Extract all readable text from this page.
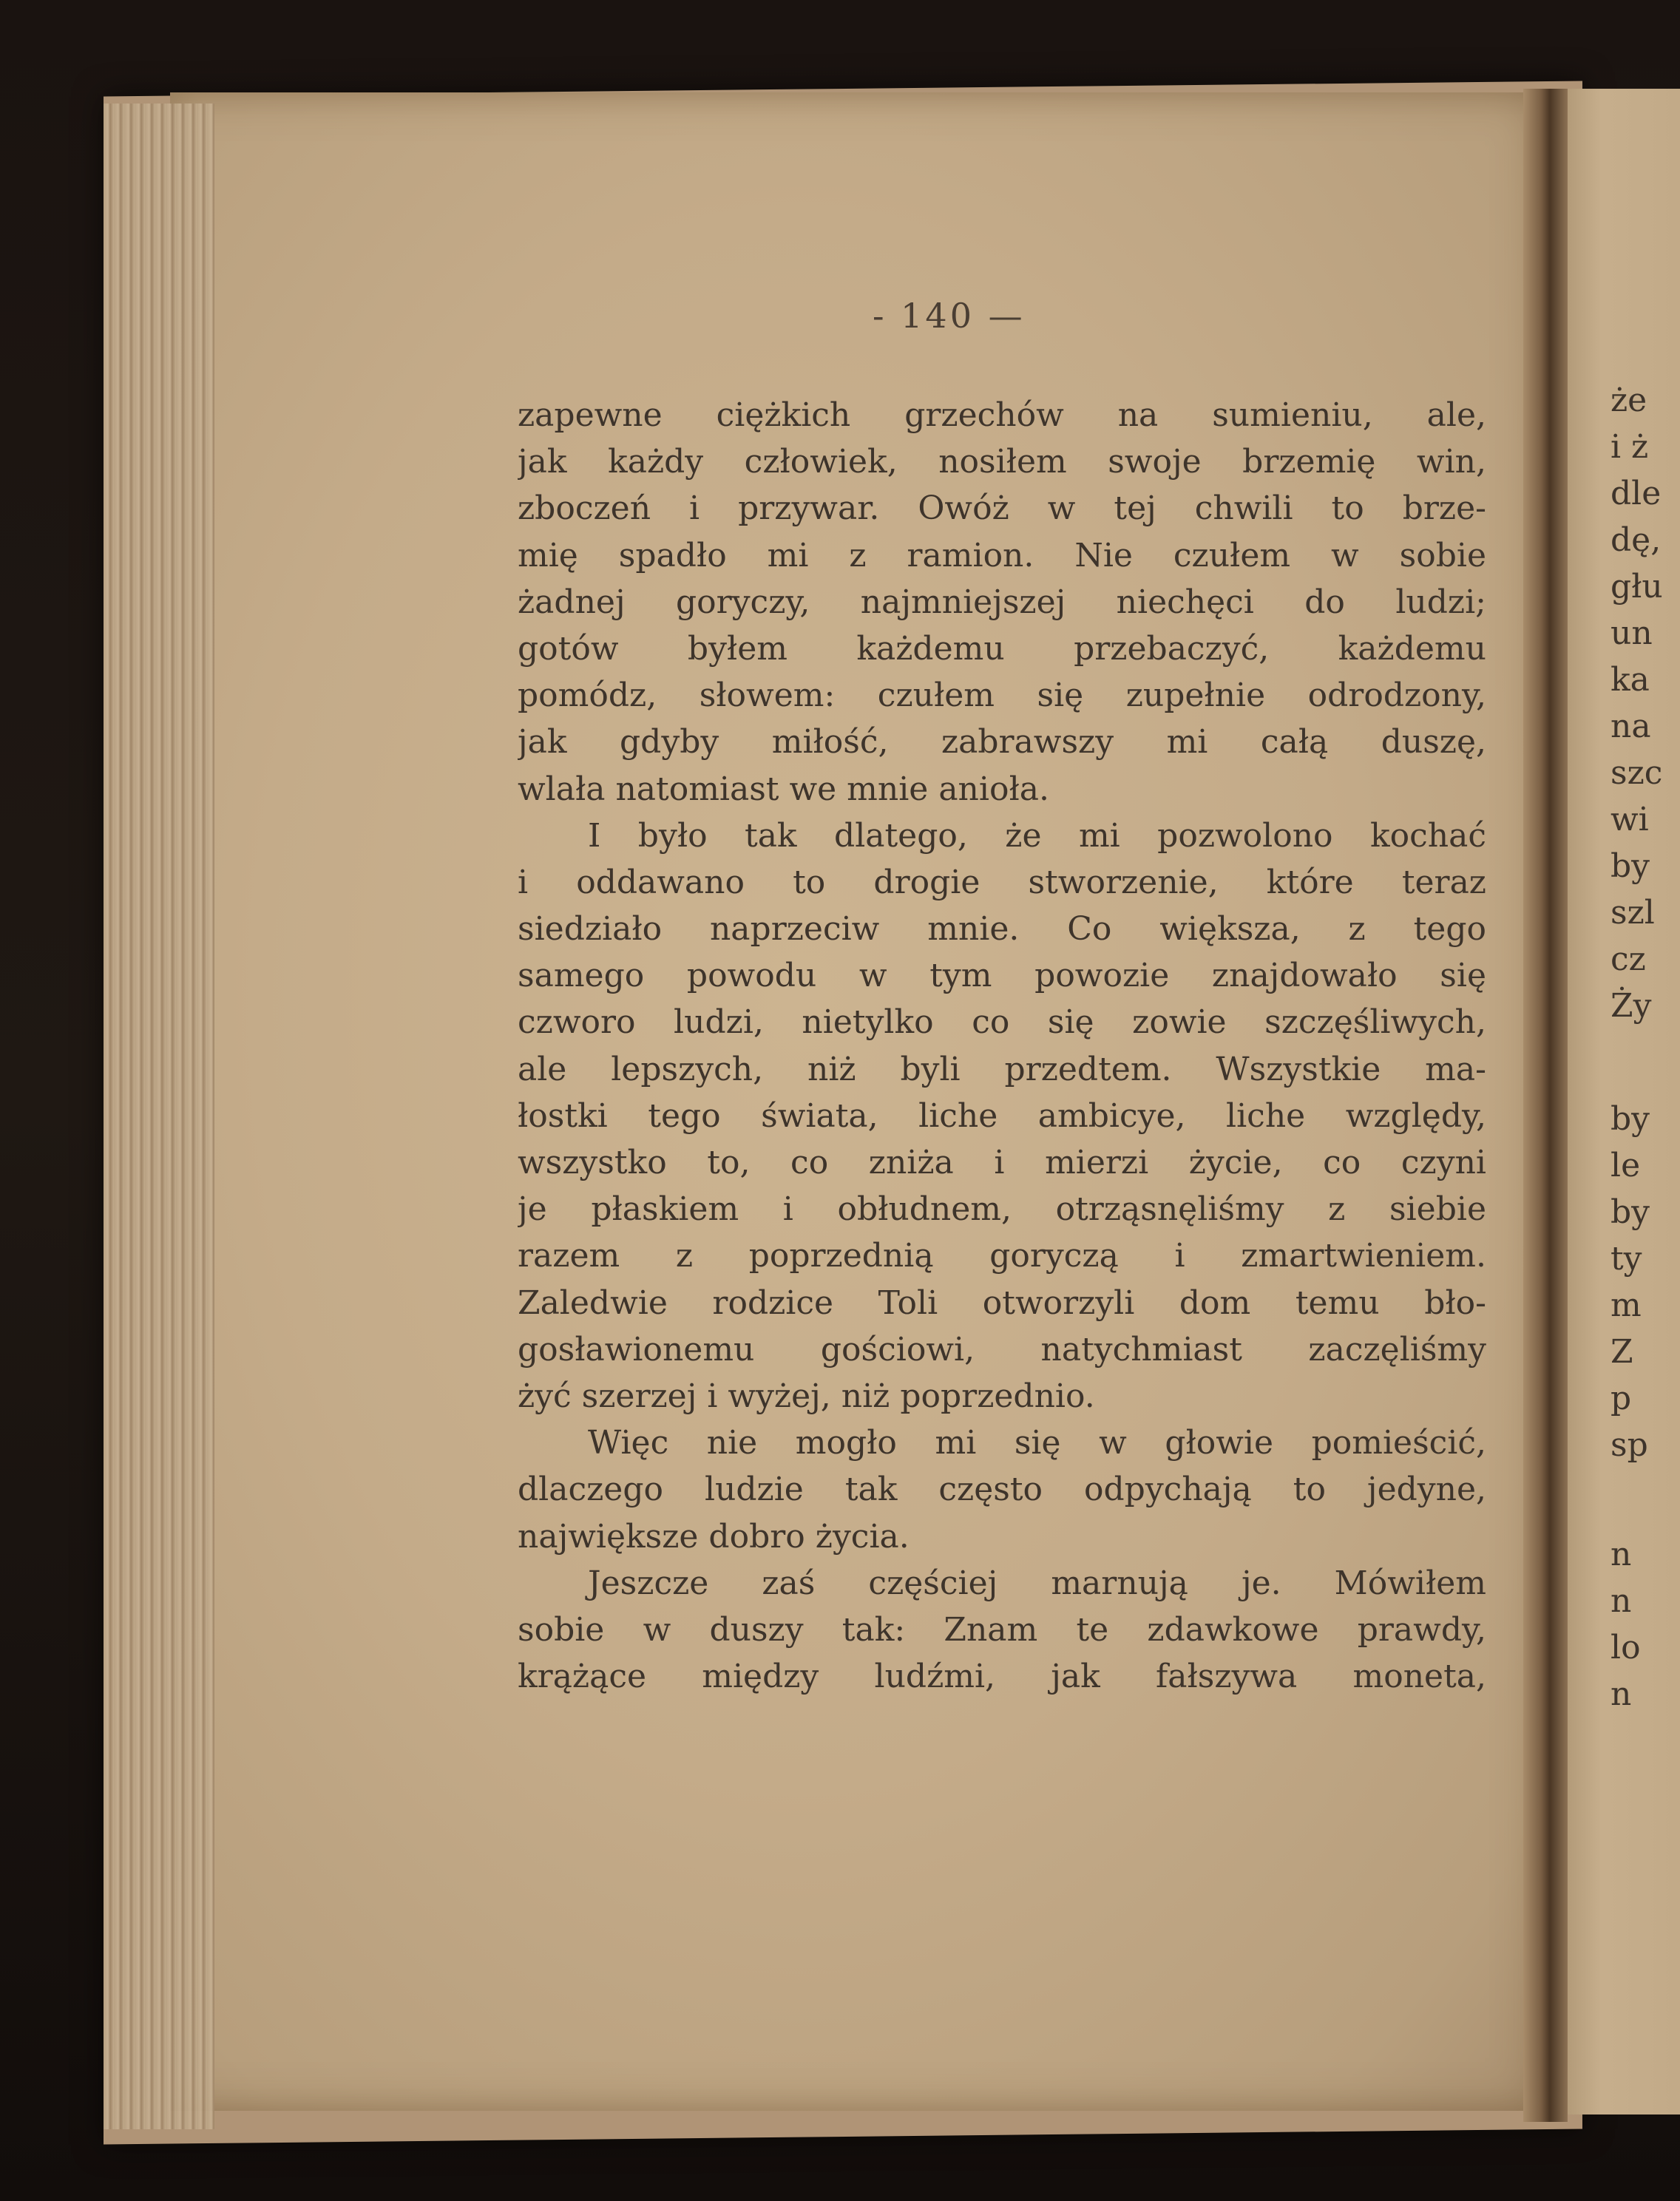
- 140 —
zapewne ciężkich grzechów na sumieniu, ale,
jak każdy człowiek, nosiłem swoje brzemię win,
zboczeń i przywar. Owóż w tej chwili to brze-
mię spadło mi z ramion. Nie czułem w sobie
żadnej goryczy, najmniejszej niechęci do ludzi;
gotów byłem każdemu przebaczyć, każdemu
pomódz, słowem: czułem się zupełnie odrodzony,
jak gdyby miłość, zabrawszy mi całą duszę,
wlała natomiast we mnie anioła.
I było tak dlatego, że mi pozwolono kochać
i oddawano to drogie stworzenie, które teraz
siedziało naprzeciw mnie. Co większa, z tego
samego powodu w tym powozie znajdowało się
czworo ludzi, nietylko co się zowie szczęśliwych,
ale lepszych, niż byli przedtem. Wszystkie ma-
łostki tego świata, liche ambicye, liche względy,
wszystko to, co zniża i mierzi życie, co czyni
je płaskiem i obłudnem, otrząsnęliśmy z siebie
razem z poprzednią goryczą i zmartwieniem.
Zaledwie rodzice Toli otworzyli dom temu bło-
gosławionemu gościowi, natychmiast zaczęliśmy
żyć szerzej i wyżej, niż poprzednio.
Więc nie mogło mi się w głowie pomieścić,
dlaczego ludzie tak często odpychają to jedyne,
największe dobro życia.
Jeszcze zaś częściej marnują je. Mówiłem
sobie w duszy tak: Znam te zdawkowe prawdy,
krążące między ludźmi, jak fałszywa moneta,
że
i ż
dle
dę,
głu
un
ka
na
szc
wi
by
szl
cz
Ży
by
le
by
ty
m
Z
p
sp
n
n
lo
n
